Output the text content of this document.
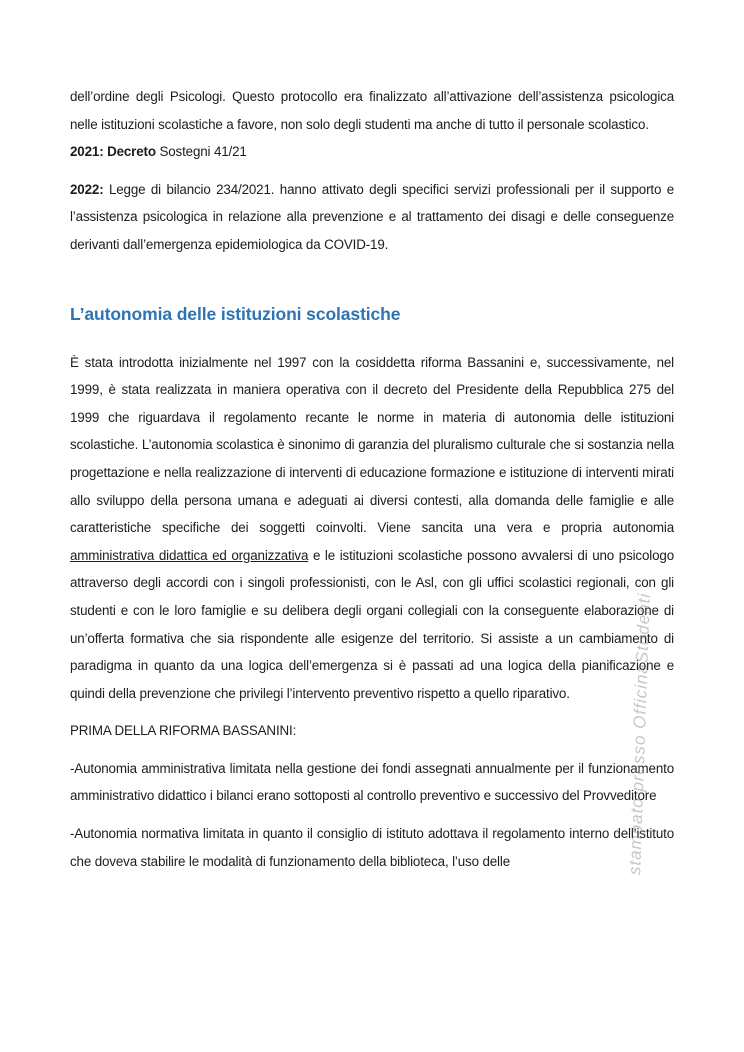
stampato presso OfficinaStudenti

dell’ordine degli Psicologi. Questo protocollo era finalizzato all’attivazione dell’assistenza psicologica nelle istituzioni scolastiche a favore, non solo degli studenti ma anche di tutto il personale scolastico.

2021: Decreto Sostegni 41/21

2022: Legge di bilancio 234/2021. hanno attivato degli specifici servizi professionali per il supporto e l’assistenza psicologica in relazione alla prevenzione e al trattamento dei disagi e delle conseguenze derivanti dall’emergenza epidemiologica da COVID-19.

L’autonomia delle istituzioni scolastiche

È stata introdotta inizialmente nel 1997 con la cosiddetta riforma Bassanini e, successivamente, nel 1999, è stata realizzata in maniera operativa con il decreto del Presidente della Repubblica 275 del 1999 che riguardava il regolamento recante le norme in materia di autonomia delle istituzioni scolastiche. L’autonomia scolastica è sinonimo di garanzia del pluralismo culturale che si sostanzia nella progettazione e nella realizzazione di interventi di educazione formazione e istituzione di interventi mirati allo sviluppo della persona umana e adeguati ai diversi contesti, alla domanda delle famiglie e alle caratteristiche specifiche dei soggetti coinvolti. Viene sancita una vera e propria autonomia amministrativa didattica ed organizzativa e le istituzioni scolastiche possono avvalersi di uno psicologo attraverso degli accordi con i singoli professionisti, con le Asl, con gli uffici scolastici regionali, con gli studenti e con le loro famiglie e su delibera degli organi collegiali con la conseguente elaborazione di un’offerta formativa che sia rispondente alle esigenze del territorio. Si assiste a un cambiamento di paradigma in quanto da una logica dell’emergenza si è passati ad una logica della pianificazione e quindi della prevenzione che privilegi l’intervento preventivo rispetto a quello riparativo.

PRIMA DELLA RIFORMA BASSANINI:

-Autonomia amministrativa limitata nella gestione dei fondi assegnati annualmente per il funzionamento amministrativo didattico i bilanci erano sottoposti al controllo preventivo e successivo del Provveditore

-Autonomia normativa limitata in quanto il consiglio di istituto adottava il regolamento interno dell’istituto che doveva stabilire le modalità di funzionamento della biblioteca, l’uso delle
